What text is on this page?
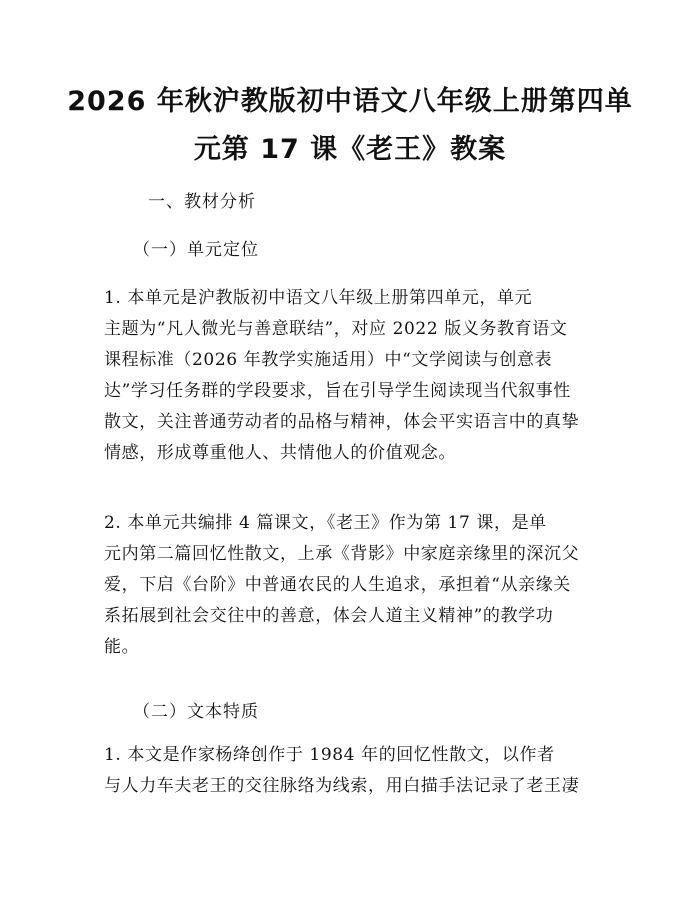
2026 年秋沪教版初中语文八年级上册第四单
元第 17 课《老王》教案

一、教材分析

（一）单元定位

1. 本单元是沪教版初中语文八年级上册第四单元，单元
主题为“凡人微光与善意联结”，对应 2022 版义务教育语文
课程标准（2026 年教学实施适用）中“文学阅读与创意表
达”学习任务群的学段要求，旨在引导学生阅读现当代叙事性
散文，关注普通劳动者的品格与精神，体会平实语言中的真挚
情感，形成尊重他人、共情他人的价值观念。

2. 本单元共编排 4 篇课文，《老王》作为第 17 课，是单
元内第二篇回忆性散文，上承《背影》中家庭亲缘里的深沉父
爱，下启《台阶》中普通农民的人生追求，承担着“从亲缘关
系拓展到社会交往中的善意，体会人道主义精神”的教学功
能。

（二）文本特质

1. 本文是作家杨绛创作于 1984 年的回忆性散文，以作者
与人力车夫老王的交往脉络为线索，用白描手法记录了老王凄
